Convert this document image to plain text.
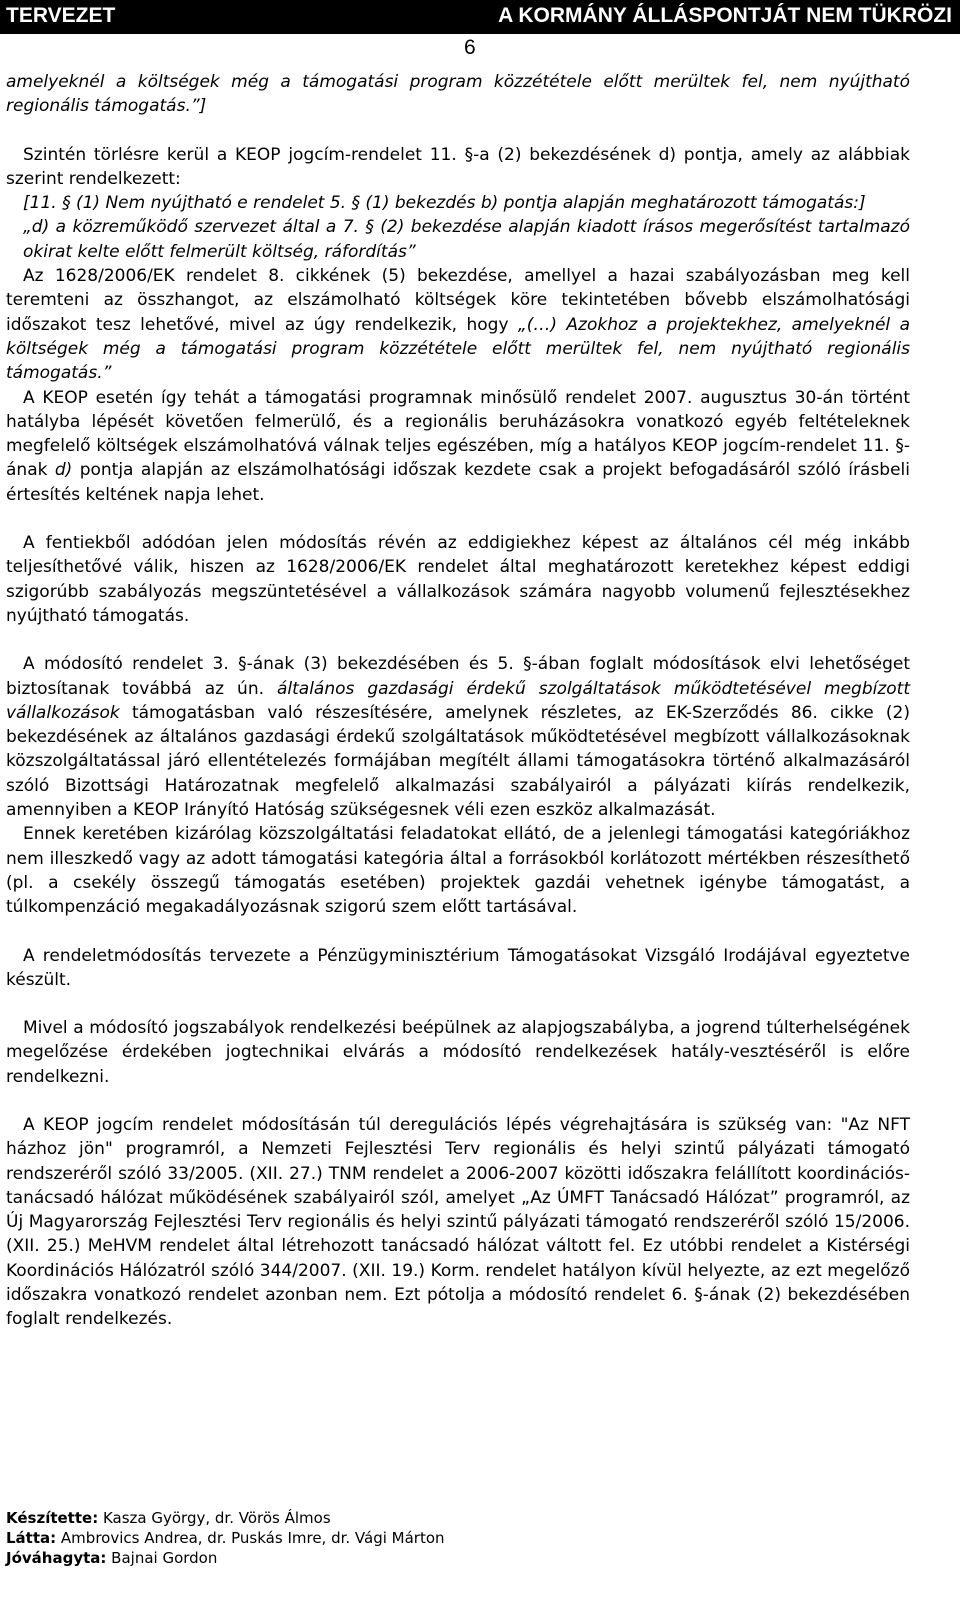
TERVEZET	A KORMÁNY ÁLLÁSPONTJÁT NEM TÜKRÖZI
6

amelyeknél a költségek még a támogatási program közzététele előtt merültek fel, nem nyújtható regionális támogatás.”]

Szintén törlésre kerül a KEOP jogcím-rendelet 11. §-a (2) bekezdésének d) pontja, amely az alábbiak szerint rendelkezett:

[11. § (1) Nem nyújtható e rendelet 5. § (1) bekezdés b) pontja alapján meghatározott támogatás:]

„d) a közreműködő szervezet által a 7. § (2) bekezdése alapján kiadott írásos megerősítést tartalmazó okirat kelte előtt felmerült költség, ráfordítás”

Az 1628/2006/EK rendelet 8. cikkének (5) bekezdése, amellyel a hazai szabályozásban meg kell teremteni az összhangot, az elszámolható költségek köre tekintetében bővebb elszámolhatósági időszakot tesz lehetővé, mivel az úgy rendelkezik, hogy „(…) Azokhoz a projektekhez, amelyeknél a költségek még a támogatási program közzététele előtt merültek fel, nem nyújtható regionális támogatás.”

A KEOP esetén így tehát a támogatási programnak minősülő rendelet 2007. augusztus 30-án történt hatályba lépését követően felmerülő, és a regionális beruházásokra vonatkozó egyéb feltételeknek megfelelő költségek elszámolhatóvá válnak teljes egészében, míg a hatályos KEOP jogcím-rendelet 11. §-ának d) pontja alapján az elszámolhatósági időszak kezdete csak a projekt befogadásáról szóló írásbeli értesítés keltének napja lehet.

A fentiekből adódóan jelen módosítás révén az eddigiekhez képest az általános cél még inkább teljesíthetővé válik, hiszen az 1628/2006/EK rendelet által meghatározott keretekhez képest eddigi szigorúbb szabályozás megszüntetésével a vállalkozások számára nagyobb volumenű fejlesztésekhez nyújtható támogatás.

A módosító rendelet 3. §-ának (3) bekezdésében és 5. §-ában foglalt módosítások elvi lehetőséget biztosítanak továbbá az ún. általános gazdasági érdekű szolgáltatások működtetésével megbízott vállalkozások támogatásban való részesítésére, amelynek részletes, az EK-Szerződés 86. cikke (2) bekezdésének az általános gazdasági érdekű szolgáltatások működtetésével megbízott vállalkozásoknak közszolgáltatással járó ellentételezés formájában megítélt állami támogatásokra történő alkalmazásáról szóló Bizottsági Határozatnak megfelelő alkalmazási szabályairól a pályázati kiírás rendelkezik, amennyiben a KEOP Irányító Hatóság szükségesnek véli ezen eszköz alkalmazását.

Ennek keretében kizárólag közszolgáltatási feladatokat ellátó, de a jelenlegi támogatási kategóriákhoz nem illeszkedő vagy az adott támogatási kategória által a forrásokból korlátozott mértékben részesíthető (pl. a csekély összegű támogatás esetében) projektek gazdái vehetnek igénybe támogatást, a túlkompenzáció megakadályozásnak szigorú szem előtt tartásával.

A rendeletmódosítás tervezete a Pénzügyminisztérium Támogatásokat Vizsgáló Irodájával egyeztetve készült.

Mivel a módosító jogszabályok rendelkezési beépülnek az alapjogszabályba, a jogrend túlterhelségének megelőzése érdekében jogtechnikai elvárás a módosító rendelkezések hatály-vesztéséről is előre rendelkezni.

A KEOP jogcím rendelet módosításán túl deregulációs lépés végrehajtására is szükség van: "Az NFT házhoz jön" programról, a Nemzeti Fejlesztési Terv regionális és helyi szintű pályázati támogató rendszeréről szóló 33/2005. (XII. 27.) TNM rendelet a 2006-2007 közötti időszakra felállított koordinációs-tanácsadó hálózat működésének szabályairól szól, amelyet „Az ÚMFT Tanácsadó Hálózat” programról, az Új Magyarország Fejlesztési Terv regionális és helyi szintű pályázati támogató rendszeréről szóló 15/2006. (XII. 25.) MeHVM rendelet által létrehozott tanácsadó hálózat váltott fel. Ez utóbbi rendelet a Kistérségi Koordinációs Hálózatról szóló 344/2007. (XII. 19.) Korm. rendelet hatályon kívül helyezte, az ezt megelőző időszakra vonatkozó rendelet azonban nem. Ezt pótolja a módosító rendelet 6. §-ának (2) bekezdésében foglalt rendelkezés.

Készítette: Kasza György, dr. Vörös Álmos
Látta: Ambrovics Andrea, dr. Puskás Imre, dr. Vági Márton
Jóváhagyta: Bajnai Gordon
